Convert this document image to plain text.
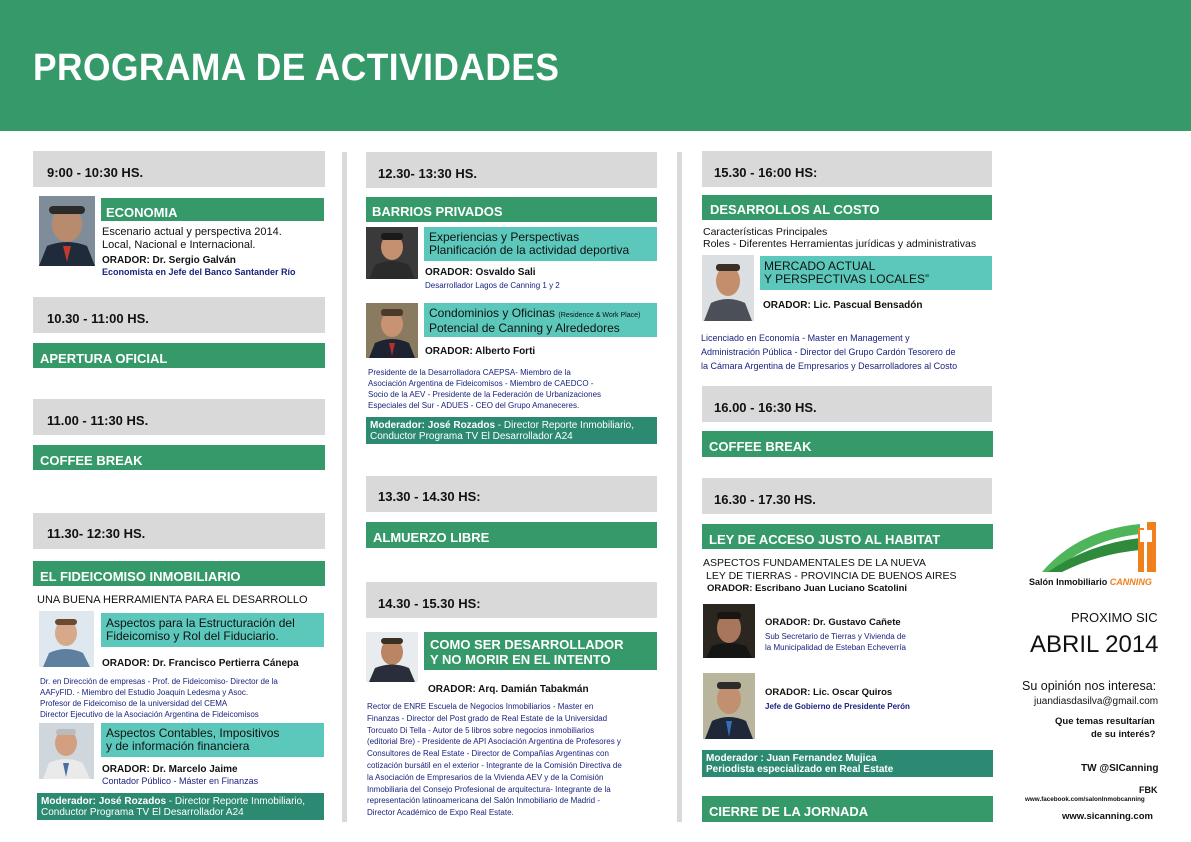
PROGRAMA DE ACTIVIDADES
9:00 - 10:30 HS.
ECONOMIA
Escenario actual y perspectiva 2014.
Local, Nacional e Internacional.
ORADOR: Dr. Sergio Galván
Economista en Jefe del Banco Santander Río
10.30 - 11:00 HS.
APERTURA OFICIAL
11.00 - 11:30 HS.
COFFEE BREAK
11.30- 12:30 HS.
EL FIDEICOMISO INMOBILIARIO
UNA BUENA HERRAMIENTA PARA EL DESARROLLO
Aspectos para la Estructuración del
Fideicomiso y Rol del Fiduciario.
ORADOR: Dr. Francisco Pertierra Cánepa
Dr. en Dirección de empresas - Prof. de Fideicomiso- Director de la
AAFyFID. - Miembro del Estudio Joaquin Ledesma y Asoc.
Profesor de Fideicomiso de la universidad del CEMA
Director Ejecutivo de la Asociación Argentina de Fideicomisos
Aspectos Contables, Impositivos
y de información financiera
ORADOR: Dr. Marcelo Jaime
Contador Público - Máster en Finanzas
Moderador: José Rozados - Director Reporte Inmobiliario,
Conductor Programa TV El Desarrollador A24
12.30- 13:30 HS.
BARRIOS PRIVADOS
Experiencias y Perspectivas
Planificación de la actividad deportiva
ORADOR: Osvaldo Sali
Desarrollador Lagos de Canning 1 y 2
Condominios y Oficinas (Residence & Work Place)
Potencial de Canning y Alrededores
ORADOR: Alberto Forti
Presidente de la Desarrolladora CAEPSA- Miembro de la
Asociación Argentina de Fideicomisos - Miembro de CAEDCO -
Socio de la AEV - Presidente de la Federación de Urbanizaciones
Especiales del Sur - ADUES - CEO del Grupo Amaneceres.
Moderador: José Rozados - Director Reporte Inmobiliario,
Conductor Programa TV El Desarrollador A24
13.30 - 14.30 HS:
ALMUERZO LIBRE
14.30 - 15.30 HS:
COMO SER DESARROLLADOR
Y NO MORIR EN EL INTENTO
ORADOR: Arq. Damián Tabakmán
Rector de ENRE Escuela de Negocios Inmobiliarios - Master en
Finanzas - Director del Post grado de Real Estate de la Universidad
Torcuato Di Tella - Autor de 5 libros sobre negocios inmobiliarios
(editorial Bre) - Presidente de API Asociación Argentina de Profesores y
Consultores de Real Estate - Director de Compañías Argentinas con
cotización bursátil en el exterior - Integrante de la Comisión Directiva de
la Asociación de Empresarios de la Vivienda AEV y de la Comisión
Inmobiliaria del Consejo Profesional de arquitectura- Integrante de la
representación latinoamericana del Salón Inmobiliario de Madrid -
Director Académico de Expo Real Estate.
15.30 - 16:00 HS:
DESARROLLOS AL COSTO
Características Principales
Roles - Diferentes Herramientas jurídicas y administrativas
MERCADO ACTUAL
Y PERSPECTIVAS LOCALES”
ORADOR: Lic. Pascual Bensadón
Licenciado en Economía - Master en Management y
Administración Pública - Director del Grupo Cardón Tesorero de
la Cámara Argentina de Empresarios y Desarrolladores al Costo
16.00 - 16:30 HS.
COFFEE BREAK
16.30 - 17.30 HS.
LEY DE ACCESO JUSTO AL HABITAT
ASPECTOS FUNDAMENTALES DE LA NUEVA
LEY DE TIERRAS - PROVINCIA DE BUENOS AIRES
ORADOR: Escribano Juan Luciano Scatolini
ORADOR: Dr. Gustavo Cañete
Sub Secretario de Tierras y Vivienda de
la Municipalidad de Esteban Echeverría
ORADOR: Lic. Oscar Quiros
Jefe de Gobierno de Presidente Perón
Moderador : Juan Fernandez Mujica
Periodista especializado en Real Estate
CIERRE DE LA JORNADA
Salón Inmobiliario CANNING
PROXIMO SIC
ABRIL 2014
Su opinión nos interesa:
juandiasdasilva@gmail.com
Que temas resultarían
de su interés?
TW @SICanning
FBK
www.facebook.com/salonInmobcanning
www.sicanning.com
